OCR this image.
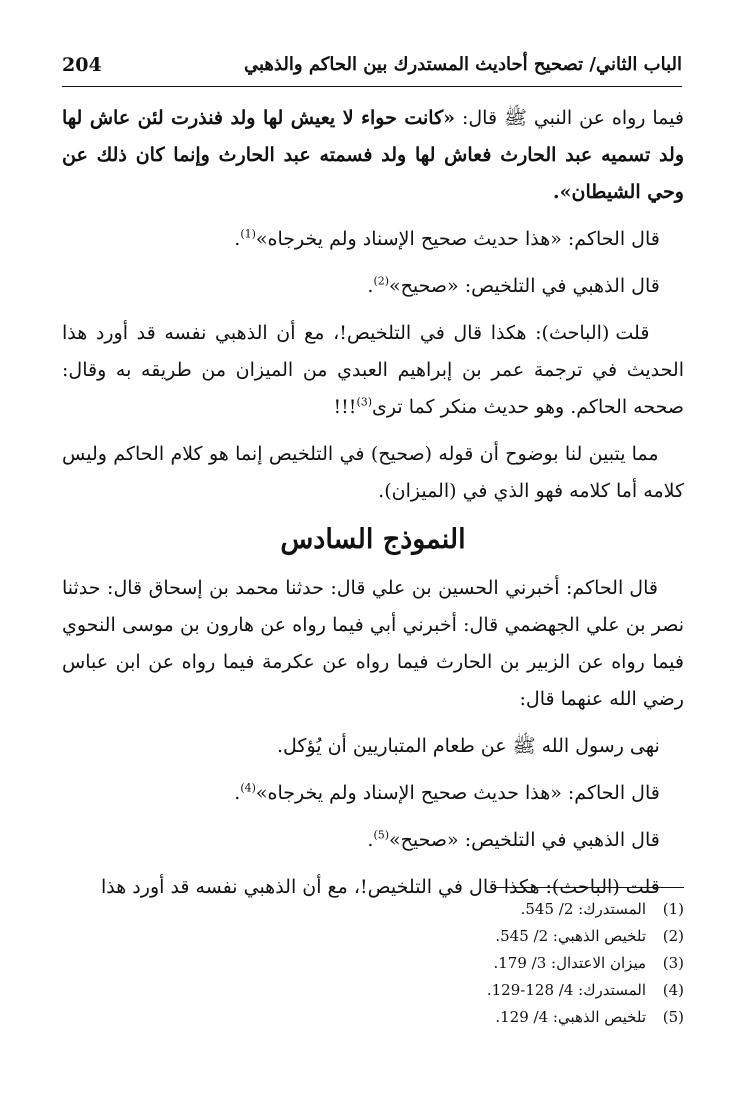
204	الباب الثاني/ تصحيح أحاديث المستدرك بين الحاكم والذهبي

فيما رواه عن النبي ﷺ قال: «كانت حواء لا يعيش لها ولد فنذرت لئن عاش لها ولد تسميه عبد الحارث فعاش لها ولد فسمته عبد الحارث وإنما كان ذلك عن وحي الشيطان».

قال الحاكم: «هذا حديث صحيح الإسناد ولم يخرجاه»$^{(1)}$.

قال الذهبي في التلخيص: «صحيح»$^{(2)}$.

قلت (الباحث): هكذا قال في التلخيص!، مع أن الذهبي نفسه قد أورد هذا الحديث في ترجمة عمر بن إبراهيم العبدي من الميزان من طريقه به وقال: صححه الحاكم. وهو حديث منكر كما ترى$^{(3)}$!!!

مما يتبين لنا بوضوح أن قوله (صحيح) في التلخيص إنما هو كلام الحاكم وليس كلامه أما كلامه فهو الذي في (الميزان).

النموذج السادس

قال الحاكم: أخبرني الحسين بن علي قال: حدثنا محمد بن إسحاق قال: حدثنا نصر بن علي الجهضمي قال: أخبرني أبي فيما رواه عن هارون بن موسى النحوي فيما رواه عن الزبير بن الحارث فيما رواه عن عكرمة فيما رواه عن ابن عباس رضي الله عنهما قال:

نهى رسول الله ﷺ عن طعام المتباريين أن يُؤكل.

قال الحاكم: «هذا حديث صحيح الإسناد ولم يخرجاه»$^{(4)}$.

قال الذهبي في التلخيص: «صحيح»$^{(5)}$.

قلت (الباحث): هكذا قال في التلخيص!، مع أن الذهبي نفسه قد أورد هذا

(1)
المستدرك: 2/ 545.
(2)
تلخيص الذهبي: 2/ 545.
(3)
ميزان الاعتدال: 3/ 179.
(4)
المستدرك: 4/ 128-129.
(5)
تلخيص الذهبي: 4/ 129.
